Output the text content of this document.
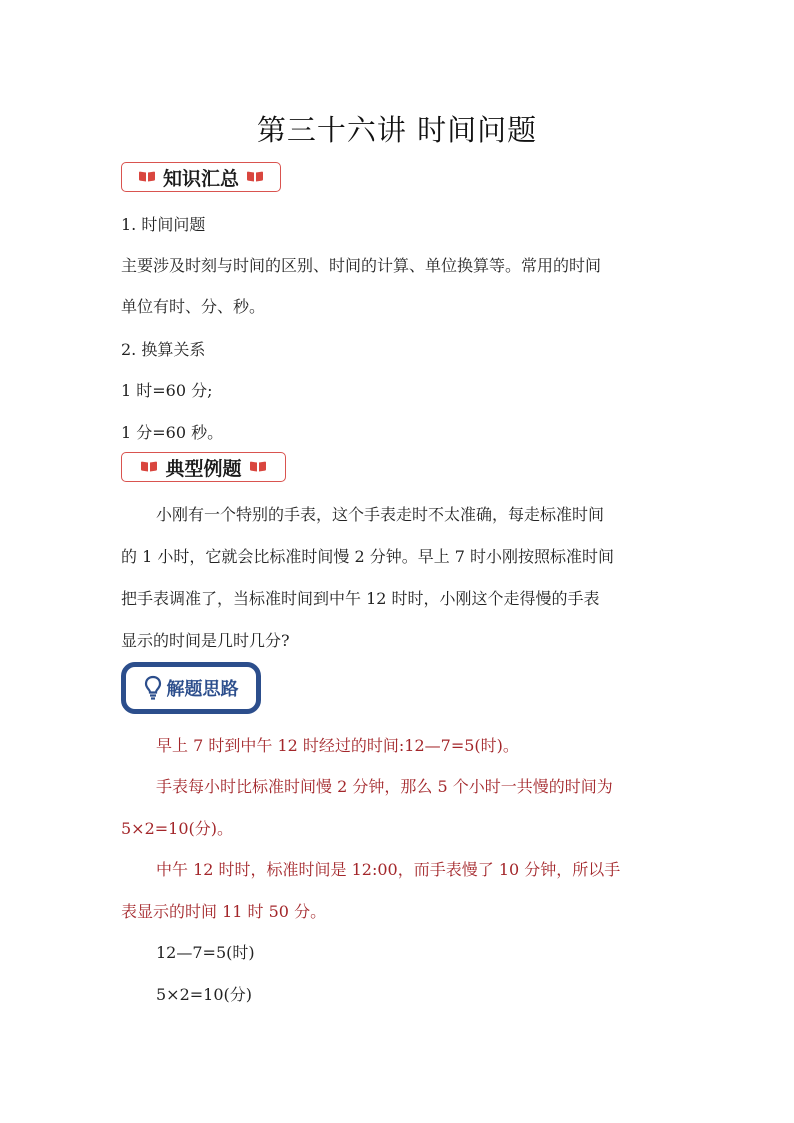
第三十六讲 时间问题
知识汇总
1. 时间问题
主要涉及时刻与时间的区别、时间的计算、单位换算等。常用的时间
单位有时、分、秒。
2. 换算关系
1 时=60 分;
1 分=60 秒。
典型例题
小刚有一个特别的手表，这个手表走时不太准确，每走标准时间
的 1 小时，它就会比标准时间慢 2 分钟。早上 7 时小刚按照标准时间
把手表调准了，当标准时间到中午 12 时时，小刚这个走得慢的手表
显示的时间是几时几分?
解题思路
早上 7 时到中午 12 时经过的时间:12—7=5(时)。
手表每小时比标准时间慢 2 分钟，那么 5 个小时一共慢的时间为
5×2=10(分)。
中午 12 时时，标准时间是 12:00，而手表慢了 10 分钟，所以手
表显示的时间 11 时 50 分。
12—7=5(时)
5×2=10(分)
